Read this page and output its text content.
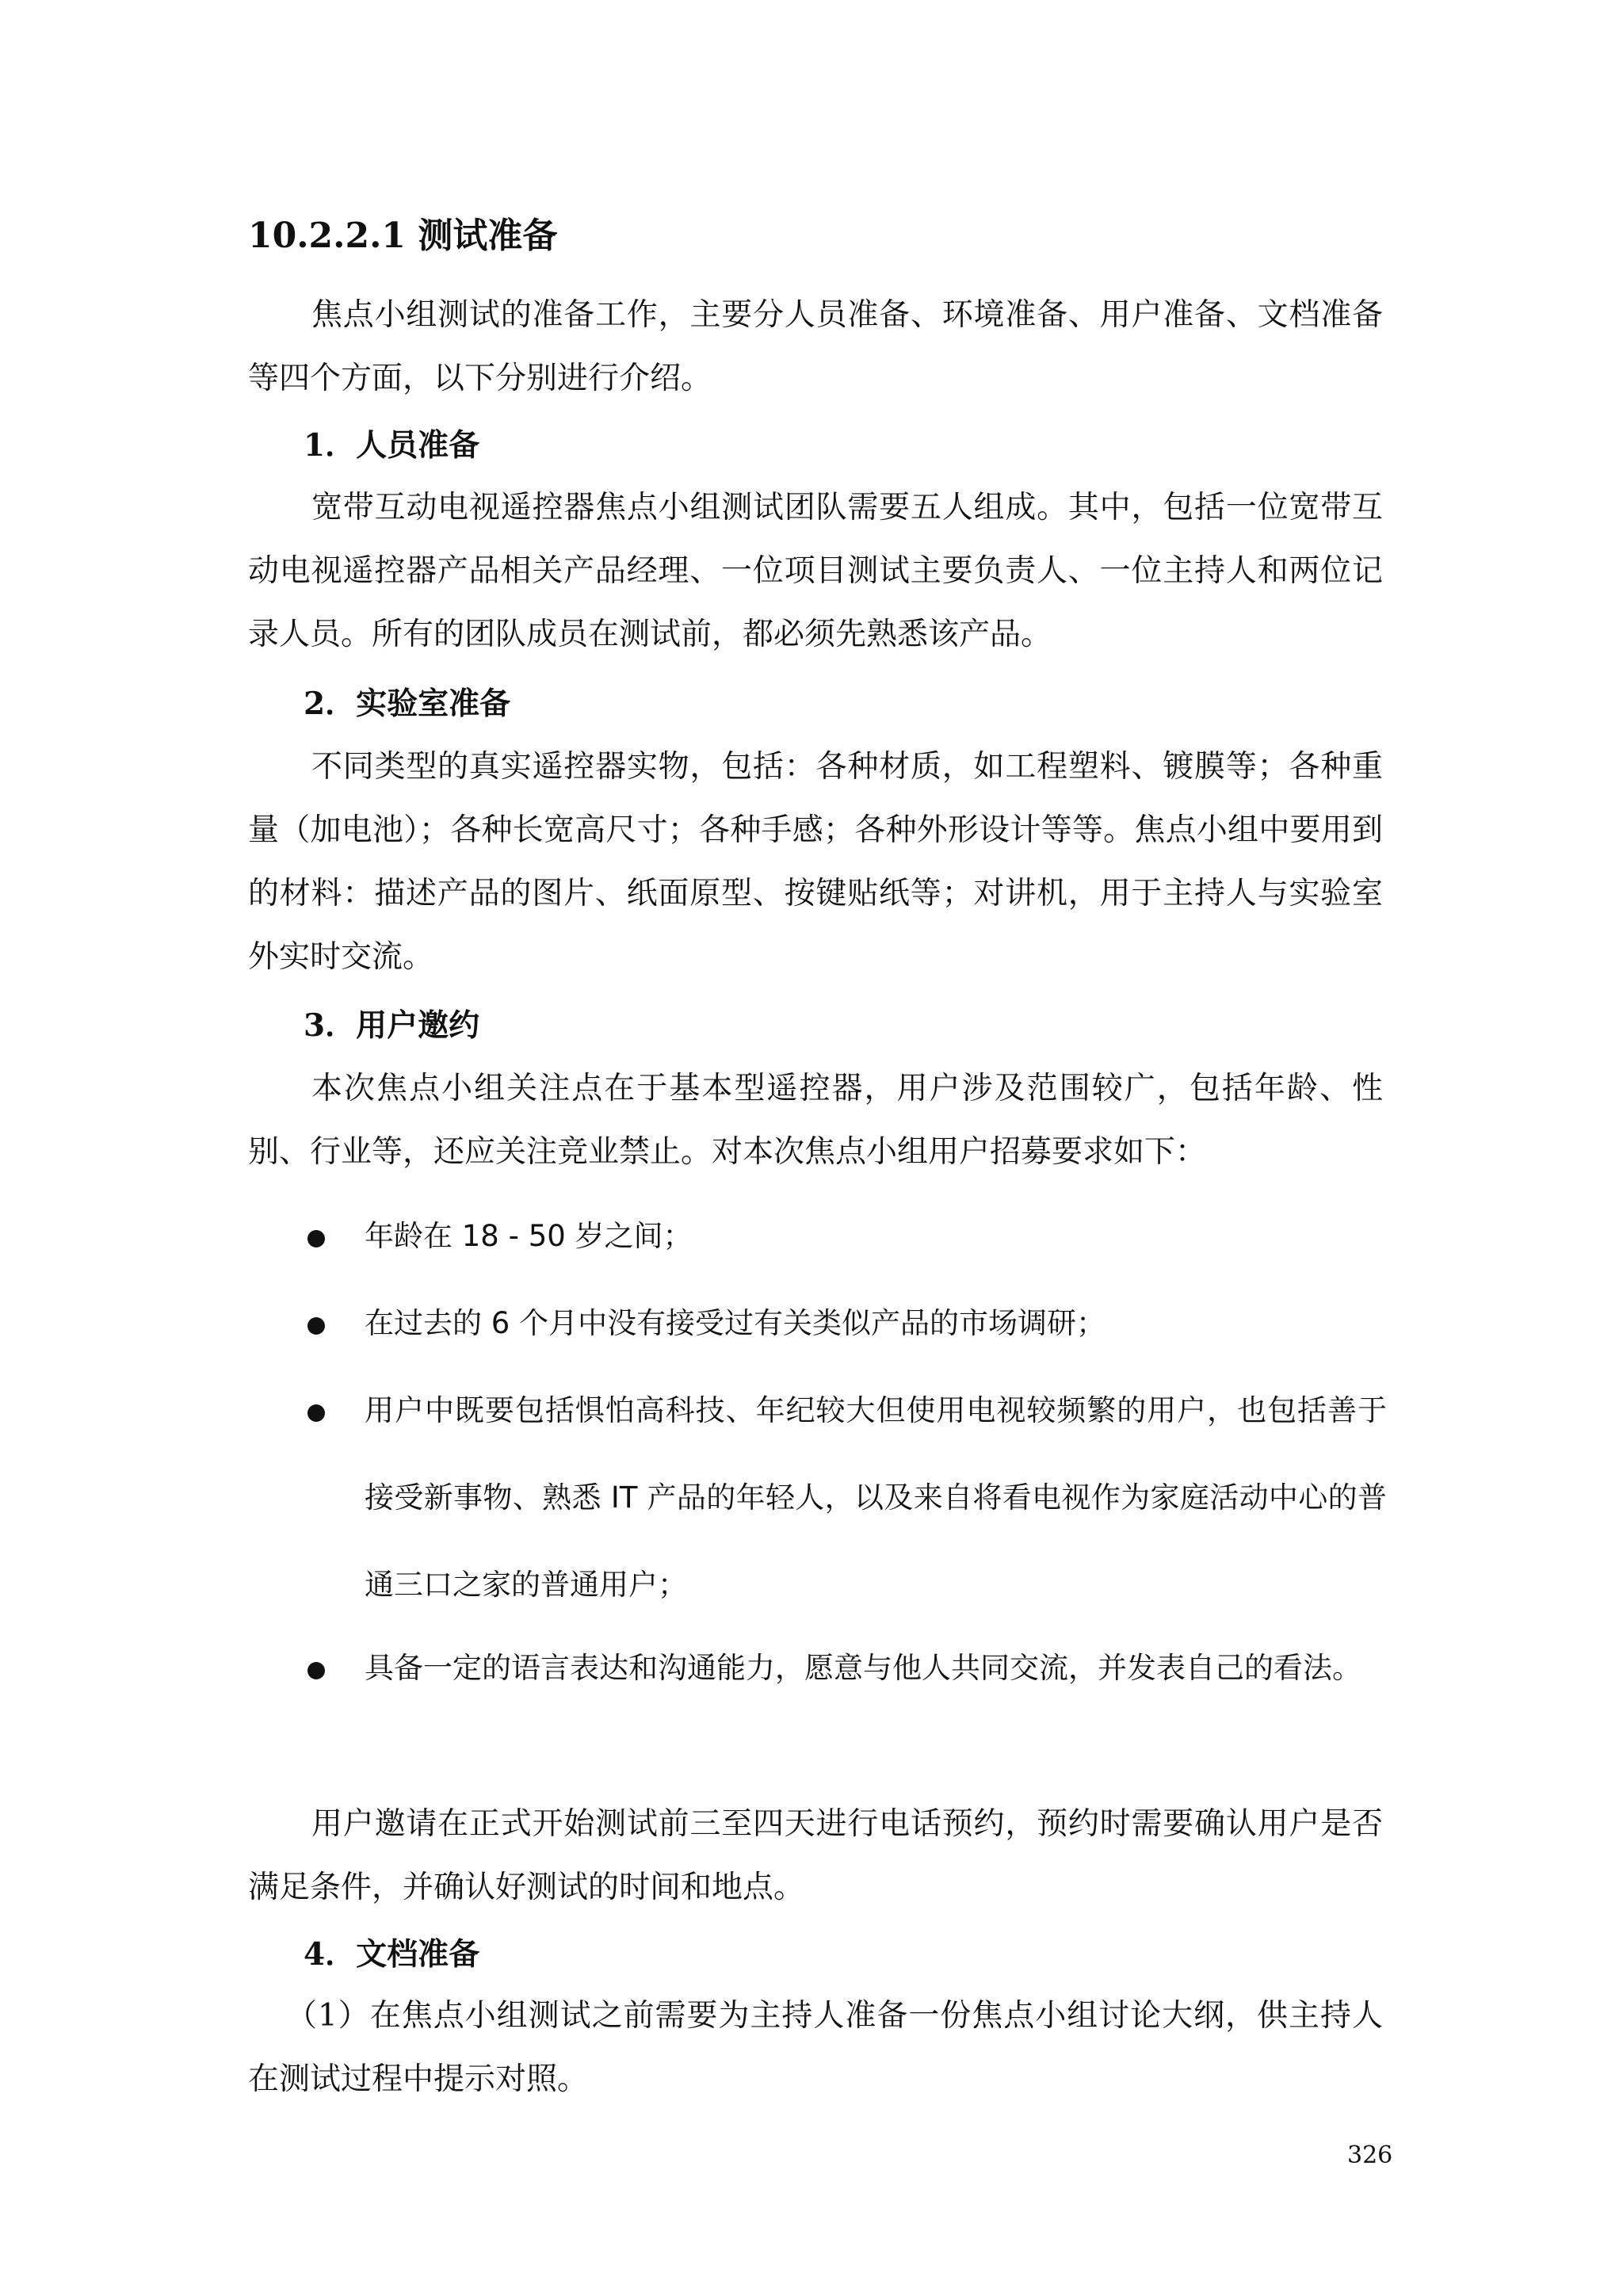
10.2.2.1 测试准备
焦点小组测试的准备工作，主要分人员准备、环境准备、用户准备、文档准备等四个方面，以下分别进行介绍。
1．人员准备
宽带互动电视遥控器焦点小组测试团队需要五人组成。其中，包括一位宽带互动电视遥控器产品相关产品经理、一位项目测试主要负责人、一位主持人和两位记录人员。所有的团队成员在测试前，都必须先熟悉该产品。
2．实验室准备
不同类型的真实遥控器实物，包括：各种材质，如工程塑料、镀膜等；各种重量（加电池）；各种长宽高尺寸；各种手感；各种外形设计等等。焦点小组中要用到的材料：描述产品的图片、纸面原型、按键贴纸等；对讲机，用于主持人与实验室外实时交流。
3．用户邀约
本次焦点小组关注点在于基本型遥控器，用户涉及范围较广，包括年龄、性别、行业等，还应关注竞业禁止。对本次焦点小组用户招募要求如下：
年龄在 18 - 50 岁之间；
在过去的 6 个月中没有接受过有关类似产品的市场调研；
用户中既要包括惧怕高科技、年纪较大但使用电视较频繁的用户，也包括善于接受新事物、熟悉 IT 产品的年轻人，以及来自将看电视作为家庭活动中心的普通三口之家的普通用户；
具备一定的语言表达和沟通能力，愿意与他人共同交流，并发表自己的看法。
用户邀请在正式开始测试前三至四天进行电话预约，预约时需要确认用户是否满足条件，并确认好测试的时间和地点。
4．文档准备
（1）在焦点小组测试之前需要为主持人准备一份焦点小组讨论大纲，供主持人在测试过程中提示对照。
326
